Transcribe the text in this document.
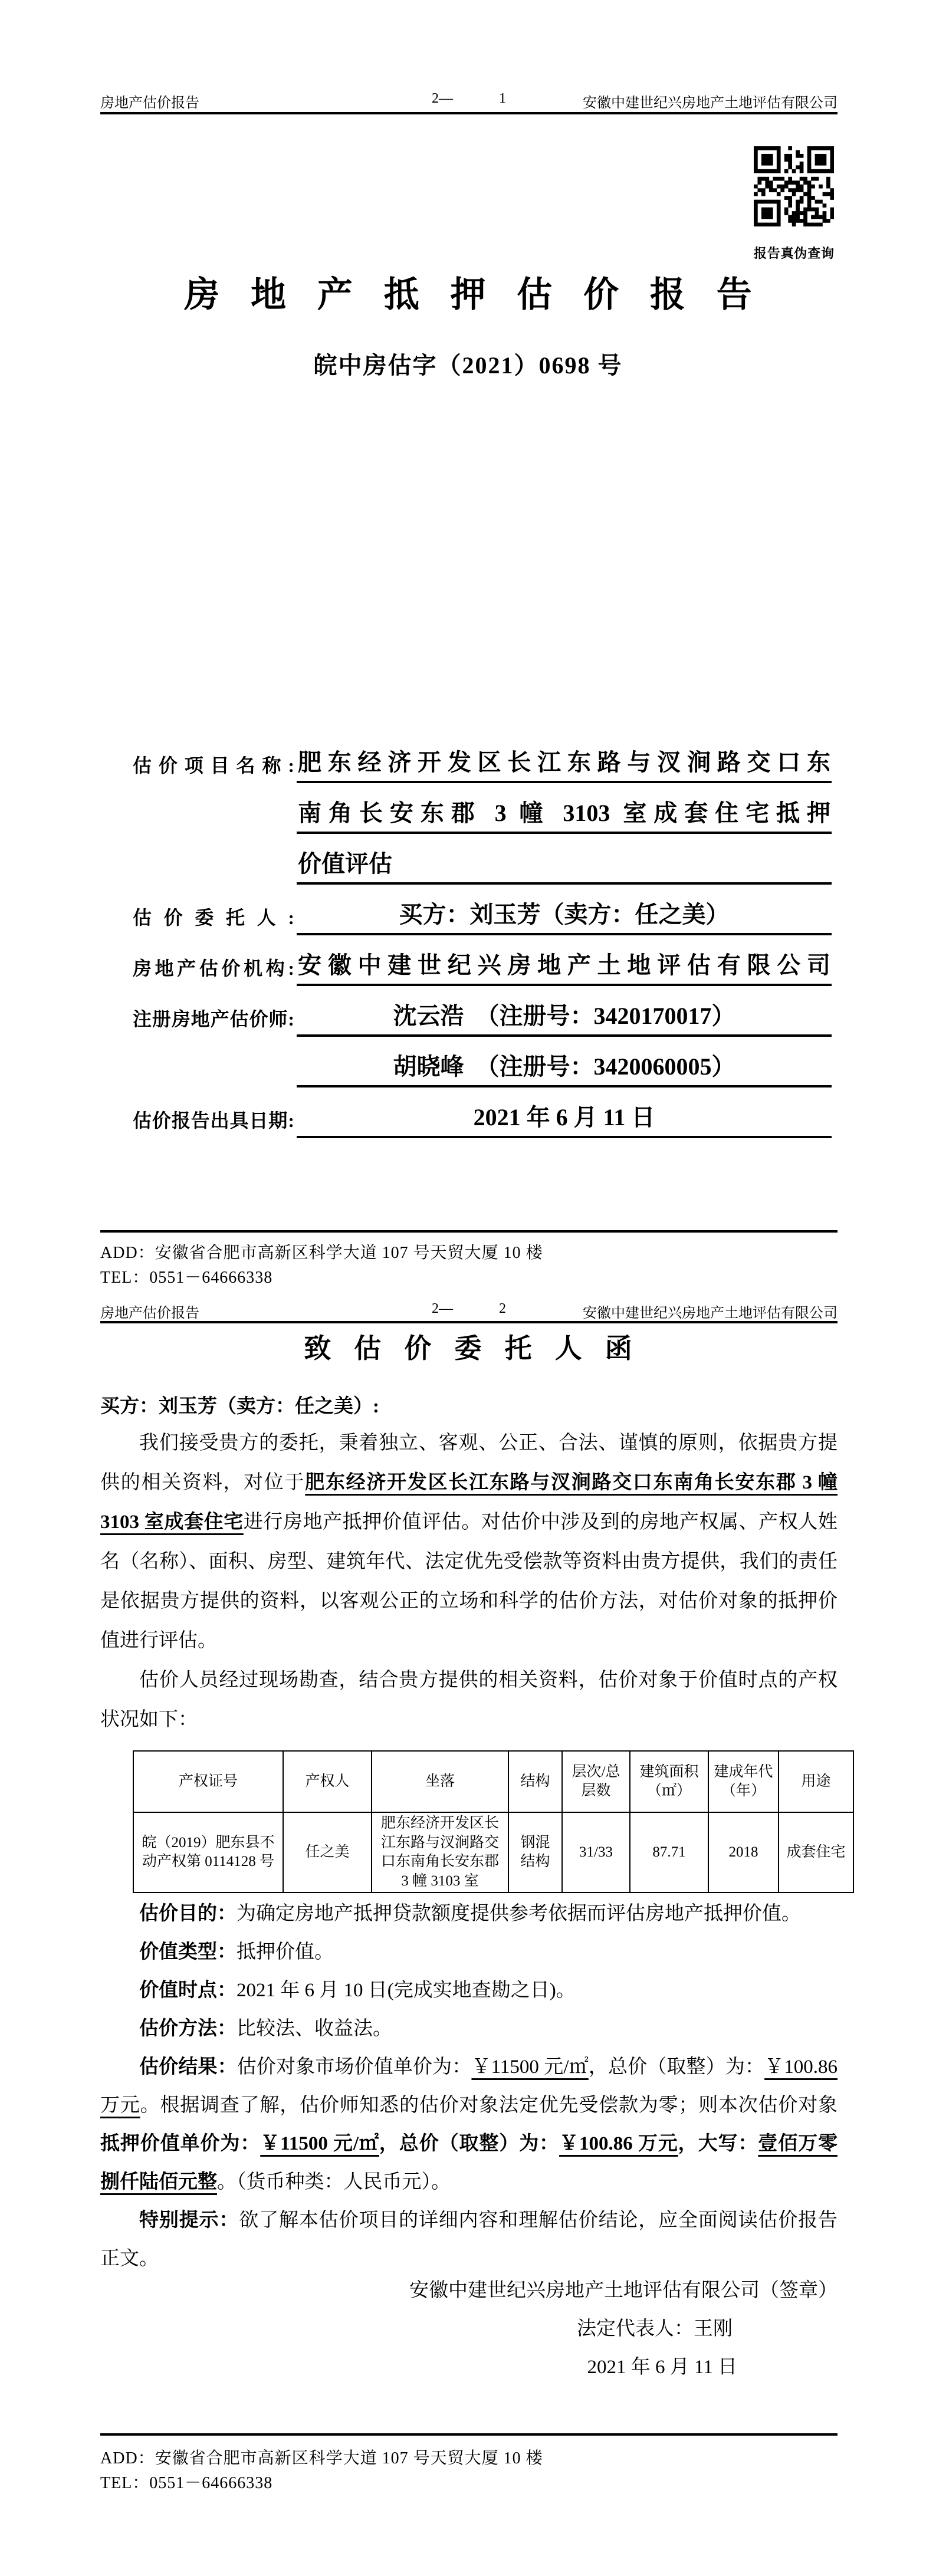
房地产估价报告	2—	1	安徽中建世纪兴房地产土地评估有限公司
报告真伪查询
房地产抵押估价报告
皖中房估字（2021）0698 号
估价项目名称: 肥东经济开发区长江东路与汊涧路交口东
南角长安东郡 3 幢 3103 室成套住宅抵押
价值评估
估价委托人:	买方：刘玉芳（卖方：任之美）
房地产估价机构: 安徽中建世纪兴房地产土地评估有限公司
注册房地产估价师:	沈云浩　（注册号：3420170017）
胡晓峰　（注册号：3420060005）
估价报告出具日期:	2021 年 6 月 11 日
ADD：安徽省合肥市高新区科学大道 107 号天贸大厦 10 楼
TEL：0551－64666338
房地产估价报告	2—	2	安徽中建世纪兴房地产土地评估有限公司
致估价委托人函
买方：刘玉芳（卖方：任之美）:

我们接受贵方的委托，秉着独立、客观、公正、合法、谨慎的原则，依据贵方提供的相关资料，对位于肥东经济开发区长江东路与汊涧路交口东南角长安东郡 3 幢 3103 室成套住宅进行房地产抵押价值评估。对估价中涉及到的房地产权属、产权人姓名（名称）、面积、房型、建筑年代、法定优先受偿款等资料由贵方提供，我们的责任是依据贵方提供的资料，以客观公正的立场和科学的估价方法，对估价对象的抵押价值进行评估。

估价人员经过现场勘查，结合贵方提供的相关资料，估价对象于价值时点的产权状况如下：

产权证号	产权人	坐落	结构	层次/总层数	建筑面积（㎡）	建成年代（年）	用途
皖（2019）肥东县不动产权第 0114128 号	任之美	肥东经济开发区长江东路与汊涧路交口东南角长安东郡 3 幢 3103 室	钢混结构	31/33	87.71	2018	成套住宅

估价目的：为确定房地产抵押贷款额度提供参考依据而评估房地产抵押价值。

价值类型：抵押价值。

价值时点：2021 年 6 月 10 日(完成实地查勘之日)。

估价方法：比较法、收益法。

估价结果：估价对象市场价值单价为：￥11500 元/㎡，总价（取整）为：￥100.86 万元。根据调查了解，估价师知悉的估价对象法定优先受偿款为零；则本次估价对象抵押价值单价为：￥11500 元/㎡，总价（取整）为：￥100.86 万元，大写：壹佰万零捌仟陆佰元整。（货币种类：人民币元）。

特别提示：欲了解本估价项目的详细内容和理解估价结论，应全面阅读估价报告正文。

安徽中建世纪兴房地产土地评估有限公司（签章）
法定代表人：王刚
2021 年 6 月 11 日
ADD：安徽省合肥市高新区科学大道 107 号天贸大厦 10 楼
TEL：0551－64666338
